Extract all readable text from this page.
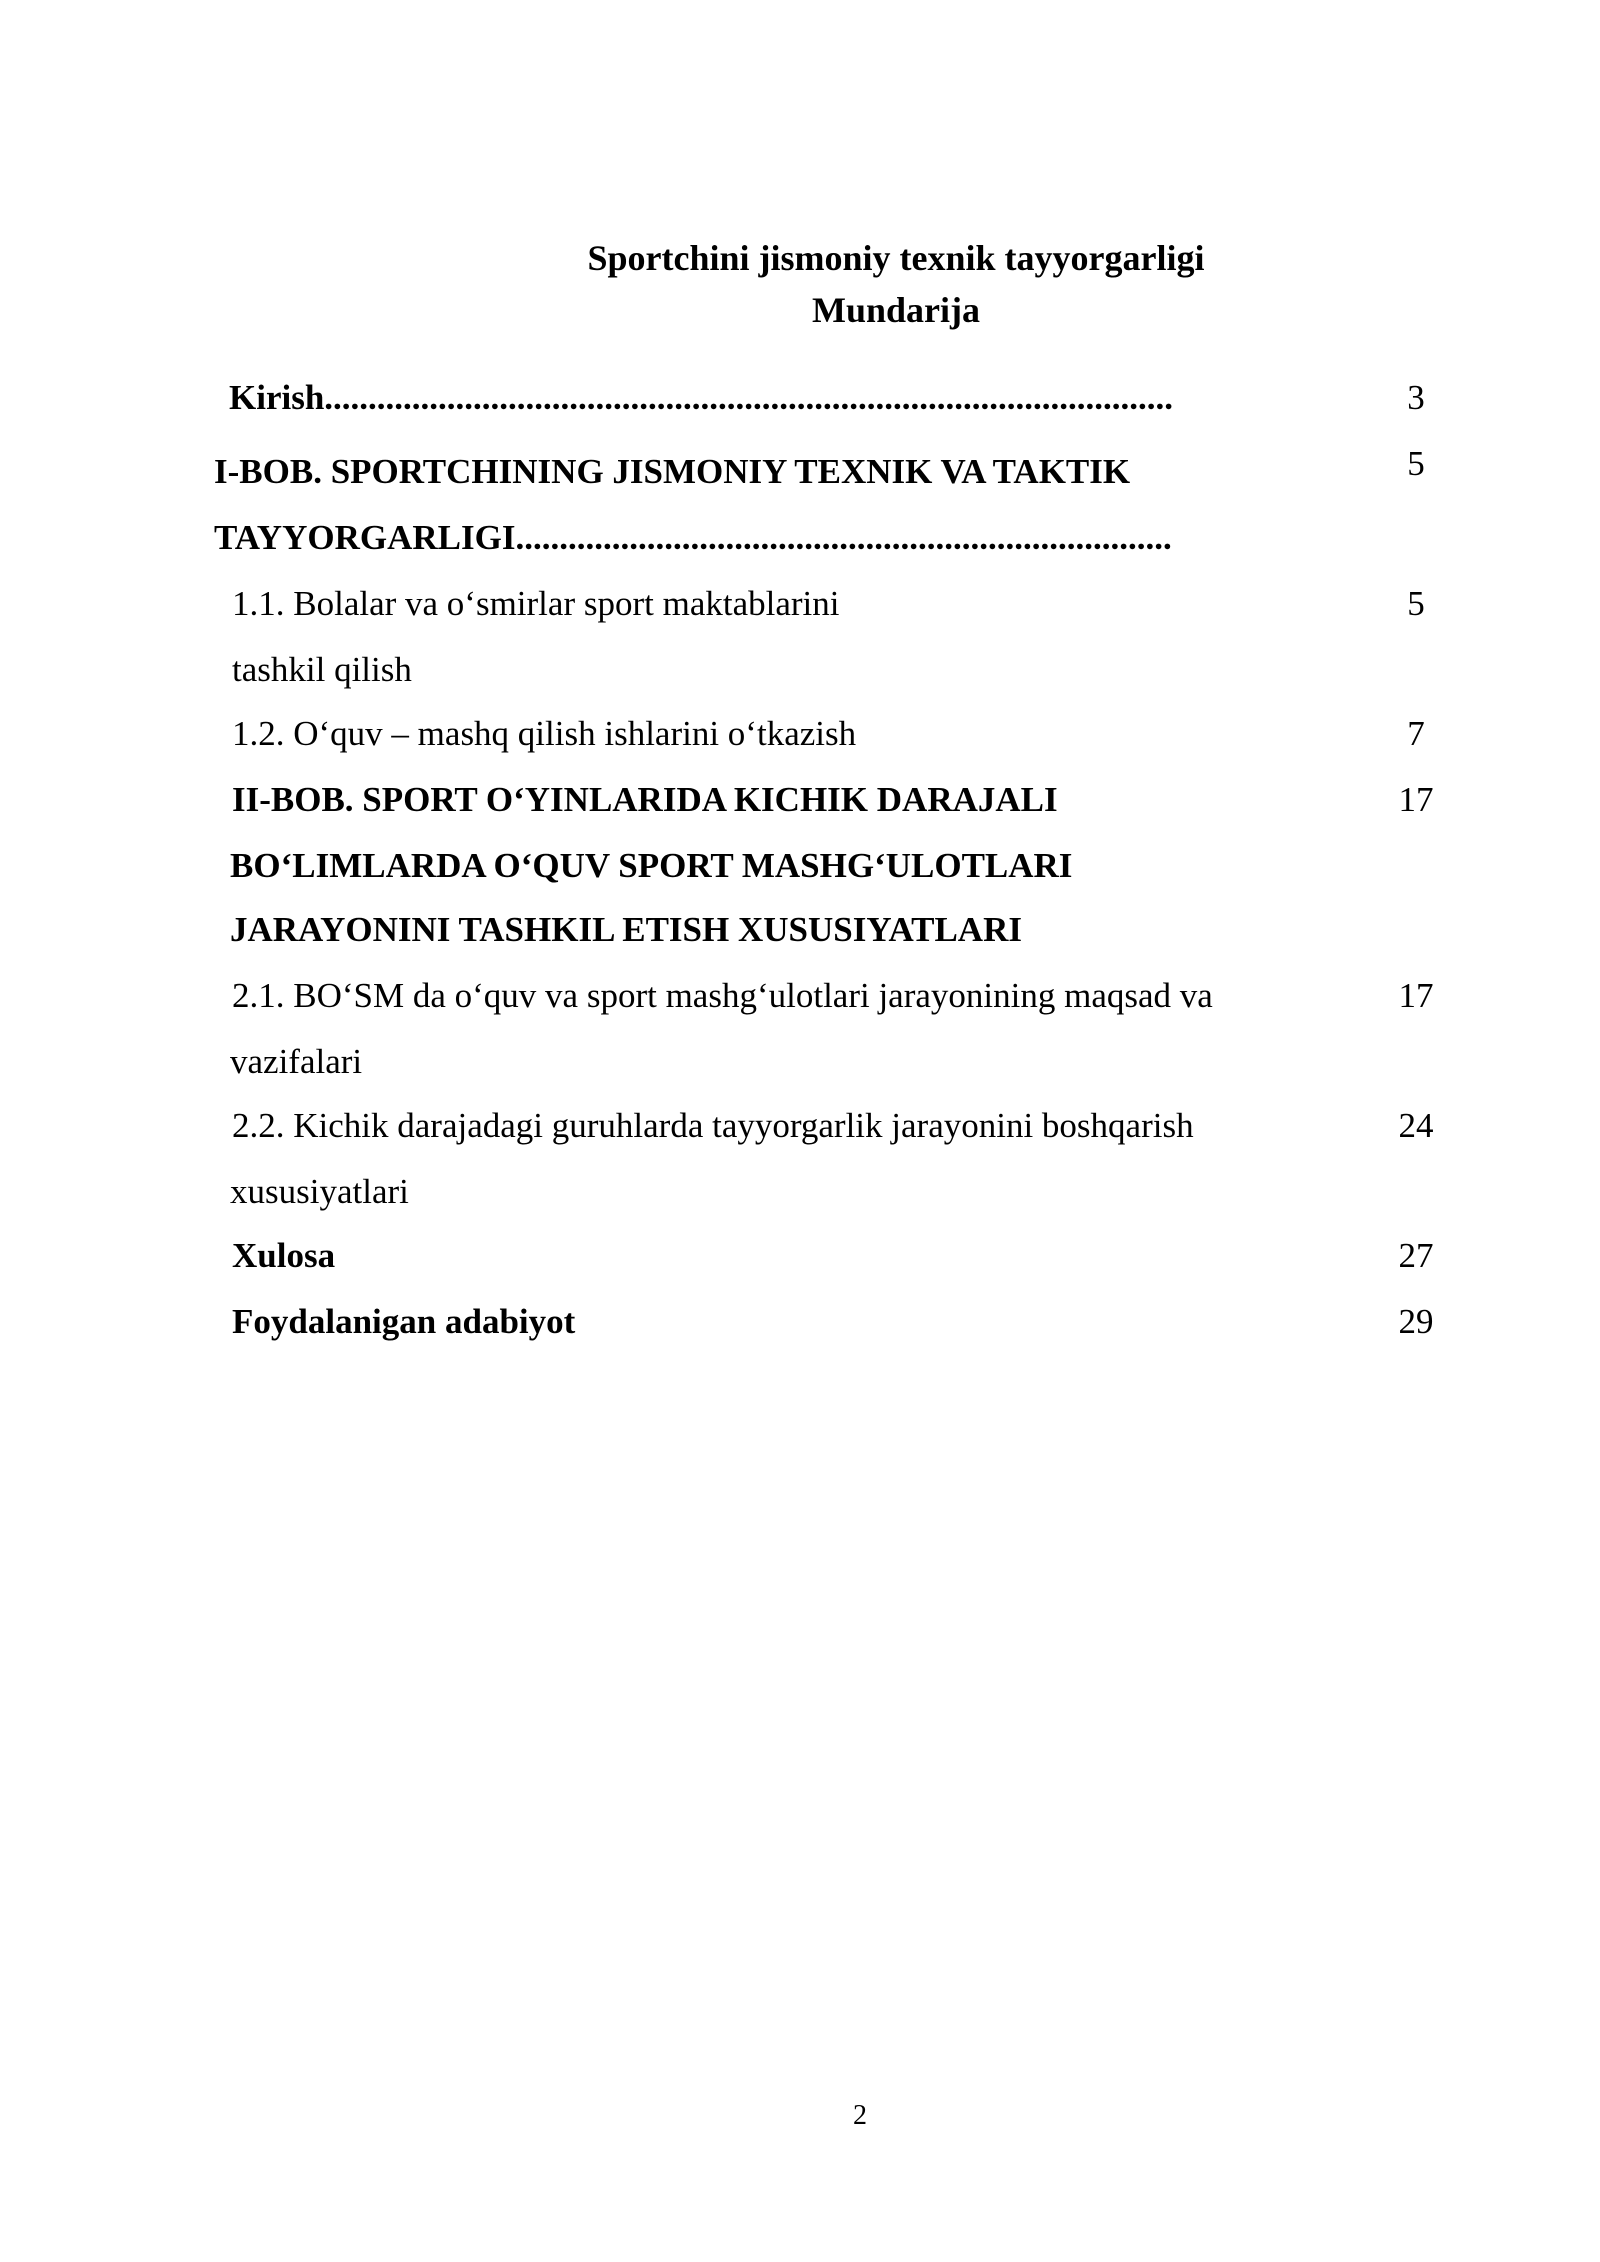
Sportchini jismoniy texnik tayyorgarligi
Mundarija
Kirish.................................................................................................	3
I-BOB. SPORTCHINING JISMONIY TEXNIK VA TAKTIK	5
TAYYORGARLIGI...........................................................................
1.1. Bolalar va o‘smirlar sport maktablarini	5
tashkil qilish
1.2. O‘quv – mashq qilish ishlarini o‘tkazish	7
II-BOB. SPORT O‘YINLARIDA KICHIK DARAJALI	17
BO‘LIMLARDA O‘QUV SPORT MASHG‘ULOTLARI
JARAYONINI TASHKIL ETISH XUSUSIYATLARI
2.1. BO‘SM da o‘quv va sport mashg‘ulotlari jarayonining maqsad va	17
vazifalari
2.2. Kichik darajadagi guruhlarda tayyorgarlik jarayonini boshqarish	24
xususiyatlari
Xulosa	27
Foydalanigan adabiyot	29
2
